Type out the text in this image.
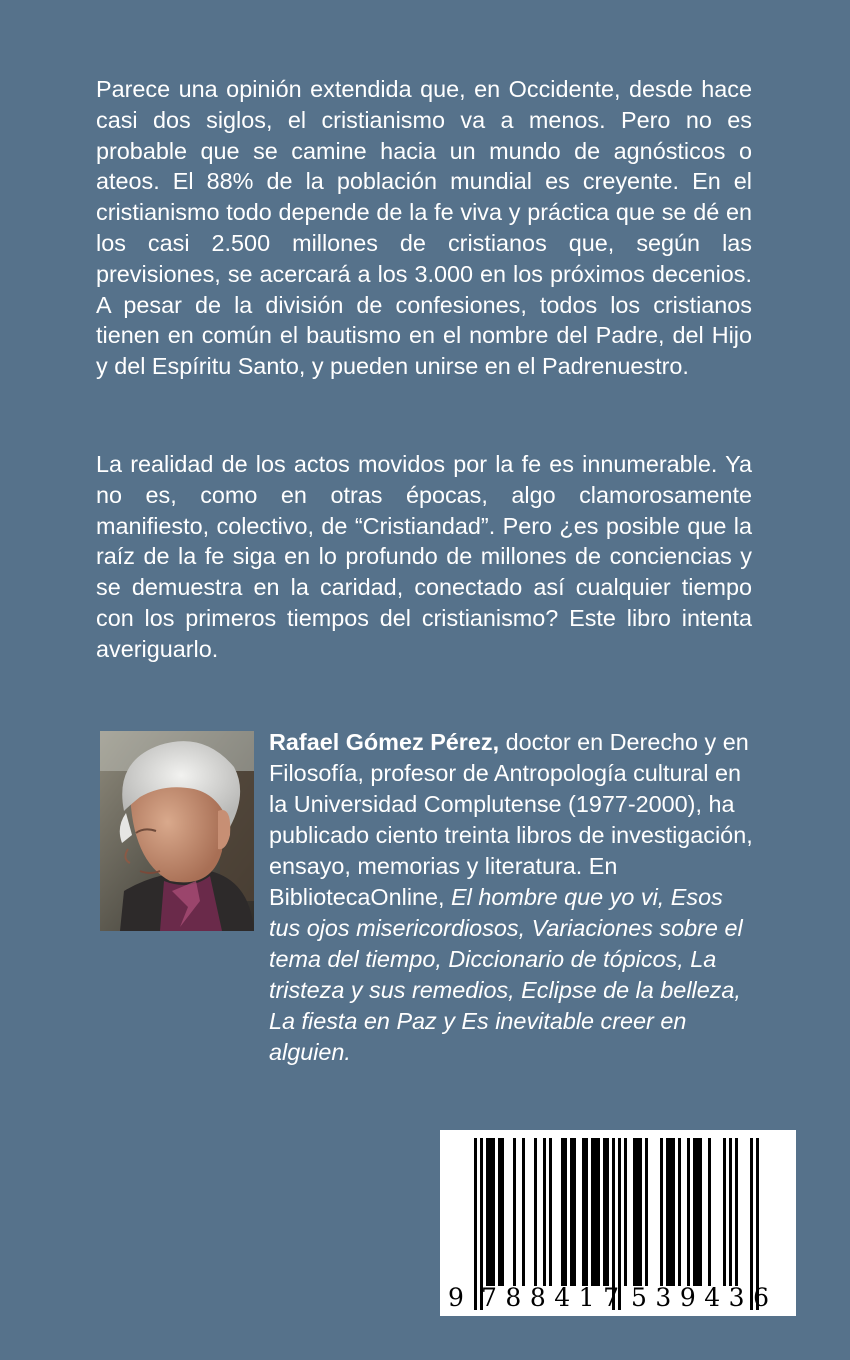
Parece una opinión extendida que, en Occidente, desde hace casi dos siglos, el cristianismo va a menos. Pero no es probable que se camine hacia un mundo de agnósticos o ateos. El 88% de la población mundial es creyente. En el cristianismo todo depende de la fe viva y práctica que se dé en los casi 2.500 millones de cristianos que, según las previsiones, se acercará a los 3.000 en los próximos decenios. A pesar de la división de confesiones, todos los cristianos tienen en común el bautismo en el nombre del Padre, del Hijo y del Espíritu Santo, y pueden unirse en el Padrenuestro.

La realidad de los actos movidos por la fe es innumerable. Ya no es, como en otras épocas, algo clamorosamente manifiesto, colectivo, de “Cristiandad”. Pero ¿es posible que la raíz de la fe siga en lo profundo de millones de conciencias y se demuestra en la caridad, conectado así cualquier tiempo con los primeros tiempos del cristianismo? Este libro intenta averiguarlo.

Rafael Gómez Pérez, doctor en Derecho y en Filosofía, profesor de Antropología cultural en la Universidad Complutense (1977-2000), ha publicado ciento treinta libros de investigación, ensayo, memorias y literatura. En BibliotecaOnline, El hombre que yo vi, Esos tus ojos misericordiosos, Variaciones sobre el tema del tiempo, Diccionario de tópicos, La tristeza y sus remedios, Eclipse de la belleza, La fiesta en Paz y Es inevitable creer en alguien.

9 788417 539436
